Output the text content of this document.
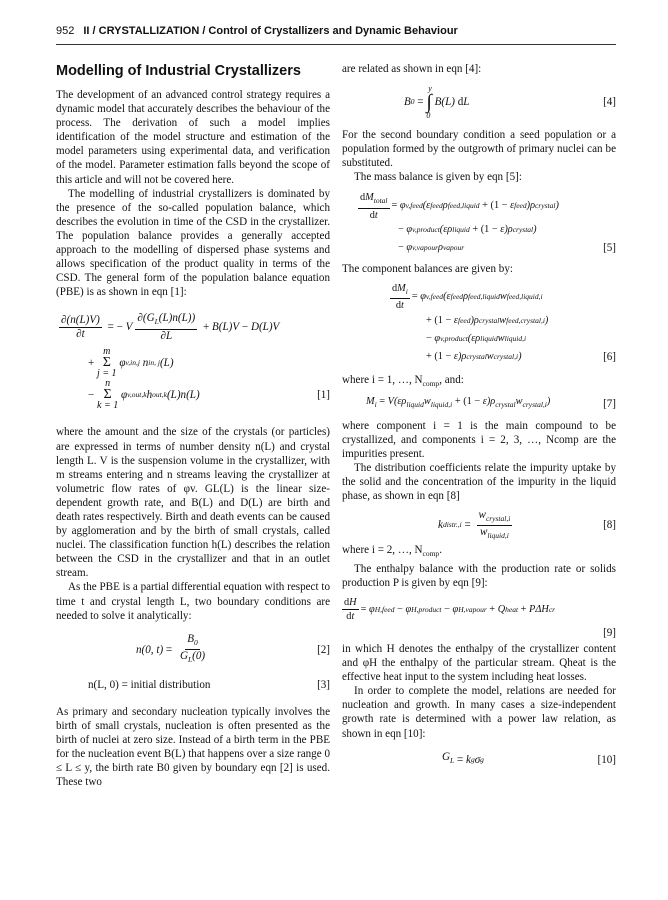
952 II / CRYSTALLIZATION / Control of Crystallizers and Dynamic Behaviour
Modelling of Industrial Crystallizers

The development of an advanced control strategy requires a dynamic model that accurately describes the behaviour of the process. The derivation of such a model implies identification of the model structure and estimation of the model parameters using experimental data, and verification of the model. Parameter estimation falls beyond the scope of this article and will not be covered here.

The modelling of industrial crystallizers is dominated by the presence of the so-called population balance, which describes the evolution in time of the CSD in the crystallizer. The population balance provides a generally accepted approach to the modelling of dispersed phase systems and allows specification of the product quality in terms of the CSD. The general form of the population balance equation (PBE) is as shown in eqn [1]:

$\frac{\partial(n(L)V)}{\partial t}$ = − V $\frac{\partial(G_L(L)n(L))}{\partial L} + B$ ( L ) V − D ( L ) V
+
m
Σ
j = 1

φ v,in,j
n in, j ( L )
−
n
Σ
k = 1

φ v,out,k h out,k ( L ) n ( L )	[1]

where the amount and the size of the crystals (or particles) are expressed in terms of number density n(L) and crystal length L. V is the suspension volume in the crystallizer, with m streams entering and n streams leaving the crystallizer at volumetric flow rates of φv. GL(L) is the linear size-dependent growth rate, and B(L) and D(L) are birth and death rates respectively. Birth and death events can be caused by agglomeration and by the birth of small crystals, called nuclei. The classification function h(L) describes the relation between the CSD in the crystallizer and that in an outlet stream.

As the PBE is a partial differential equation with respect to time t and crystal length L, two boundary conditions are needed to solve it analytically:

n (0, t ) = $\frac{B_0}{G_L(0)}$	[2]
n(L, 0) = initial distribution	[3]

As primary and secondary nucleation typically involves the birth of small crystals, nucleation is often presented as the birth of nuclei at zero size. Instead of a birth term in the PBE for the nucleation event B(L) that happens over a size range 0 ≤ L ≤ y, the birth rate B0 given by boundary eqn [2] is used. These two

are related as shown in eqn [4]:

B 0 =
y
∫
0

B ( L ) d L	[4]

For the second boundary condition a seed population or a population formed by the outgrowth of primary nuclei can be substituted.

The mass balance is given by eqn [5]:

$\frac{dM_{total}}{dt} = \varphi$ v,feed ( ε feed ρ feed,liquid + (1 − ε feed ) ρ crystal )
− φ v,product ( ερ liquid + (1 − ε ) ρ crystal )
− φ v,vapour ρ vapour	[5]

The component balances are given by:

$\frac{dM_i}{dt} = \varphi$ v,feed ( ε feed ρ feed,liquid w feed,liquid,i
+ (1 − ε feed ) ρ crystal w feed,crystal,i )
− φ v,product ( ερ liquid w liquid,i
+ (1 − ε ) ρ crystal w crystal,i )	[6]

where i = 1, …, $N_{comp}$, and:

$M_i = V(\varepsilon\rho_{liquid}w_{liquid,i} + (1 - \varepsilon)\rho_{crystal}w_{crystal,i})$	[7]

where component i = 1 is the main compound to be crystallized, and components i = 2, 3, …, Ncomp are the impurities present.

The distribution coefficients relate the impurity uptake by the solid and the concentration of the impurity in the liquid phase, as shown in eqn [8]

k distr.,i = $\frac{w_{crystal,i}}{w_{liquid,i}}$	[8]

where i = 2, …, $N_{comp}$.

The enthalpy balance with the production rate or solids production P is given by eqn [9]:

$\frac{dH}{dt} = \varphi$ H,feed − φ H,product − φ H,vapour + Q heat + P Δ H cr
[9]

in which H denotes the enthalpy of the crystallizer content and φH the enthalpy of the particular stream. Qheat is the effective heat input to the system including heat losses.

In order to complete the model, relations are needed for nucleation and growth. In many cases a size-independent growth rate is determined with a power law relation, as shown in eqn [10]:

$G_L = k$ g σ g	[10]
